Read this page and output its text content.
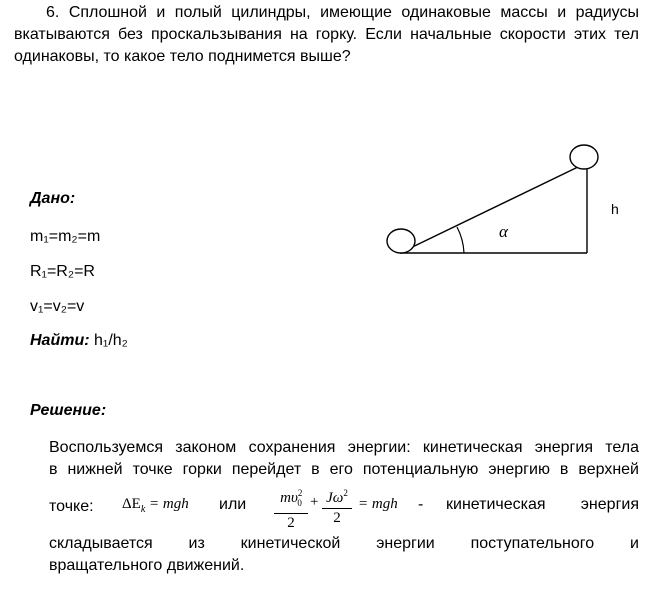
6. Сплошной и полый цилиндры, имеющие одинаковые массы и радиусы вкатываются без проскальзывания на горку. Если начальные скорости этих тел одинаковы, то какое тело поднимется выше?
α
h
Дано:
m₁=m₂=m
R₁=R₂=R
v₁=v₂=v
Найти: h₁/h₂
Решение:
Воспользуемся законом сохранения энергии: кинетическая энергия тела
в нижней точке горки перейдет в его потенциальную энергию в верхней
точке: $\Delta E_k$ = mgh или $\frac{m\upsilon^2_0}{2} + \frac{J\omega^2}{2}$ = mgh - кинетическая энергия
складывается из кинетической энергии поступательного и
вращательного движений.
